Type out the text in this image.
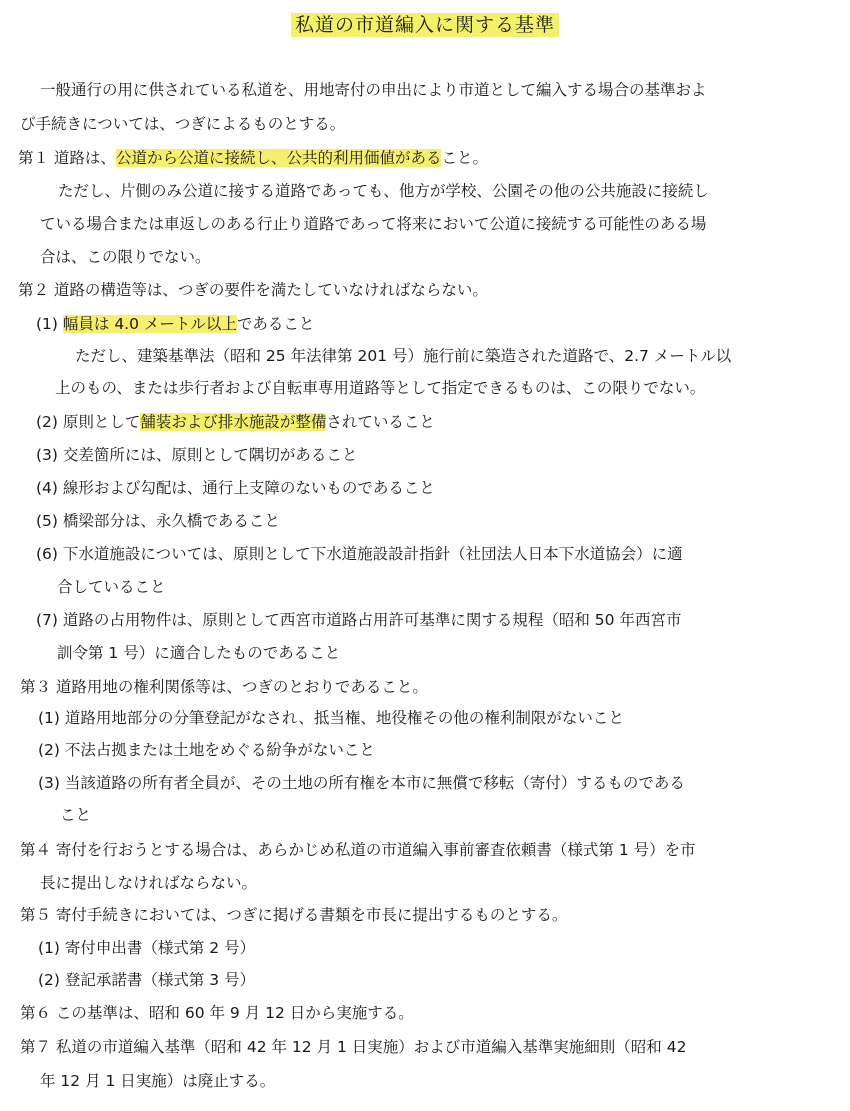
私道の市道編入に関する基準
一般通行の用に供されている私道を、用地寄付の申出により市道として編入する場合の基準およ
び手続きについては、つぎによるものとする。
第１ 道路は、公道から公道に接続し、公共的利用価値があること。
ただし、片側のみ公道に接する道路であっても、他方が学校、公園その他の公共施設に接続し
ている場合または車返しのある行止り道路であって将来において公道に接続する可能性のある場
合は、この限りでない。
第２ 道路の構造等は、つぎの要件を満たしていなければならない。
(1) 幅員は 4.0 メートル以上であること
ただし、建築基準法（昭和 25 年法律第 201 号）施行前に築造された道路で、2.7 メートル以
上のもの、または歩行者および自転車専用道路等として指定できるものは、この限りでない。
(2) 原則として舗装および排水施設が整備されていること
(3) 交差箇所には、原則として隅切があること
(4) 線形および勾配は、通行上支障のないものであること
(5) 橋梁部分は、永久橋であること
(6) 下水道施設については、原則として下水道施設設計指針（社団法人日本下水道協会）に適
合していること
(7) 道路の占用物件は、原則として西宮市道路占用許可基準に関する規程（昭和 50 年西宮市
訓令第 1 号）に適合したものであること
第３ 道路用地の権利関係等は、つぎのとおりであること。
(1) 道路用地部分の分筆登記がなされ、抵当権、地役権その他の権利制限がないこと
(2) 不法占拠または土地をめぐる紛争がないこと
(3) 当該道路の所有者全員が、その土地の所有権を本市に無償で移転（寄付）するものである
こと
第４ 寄付を行おうとする場合は、あらかじめ私道の市道編入事前審査依頼書（様式第 1 号）を市
長に提出しなければならない。
第５ 寄付手続きにおいては、つぎに掲げる書類を市長に提出するものとする。
(1) 寄付申出書（様式第 2 号）
(2) 登記承諾書（様式第 3 号）
第６ この基準は、昭和 60 年 9 月 12 日から実施する。
第７ 私道の市道編入基準（昭和 42 年 12 月 1 日実施）および市道編入基準実施細則（昭和 42
年 12 月 1 日実施）は廃止する。
